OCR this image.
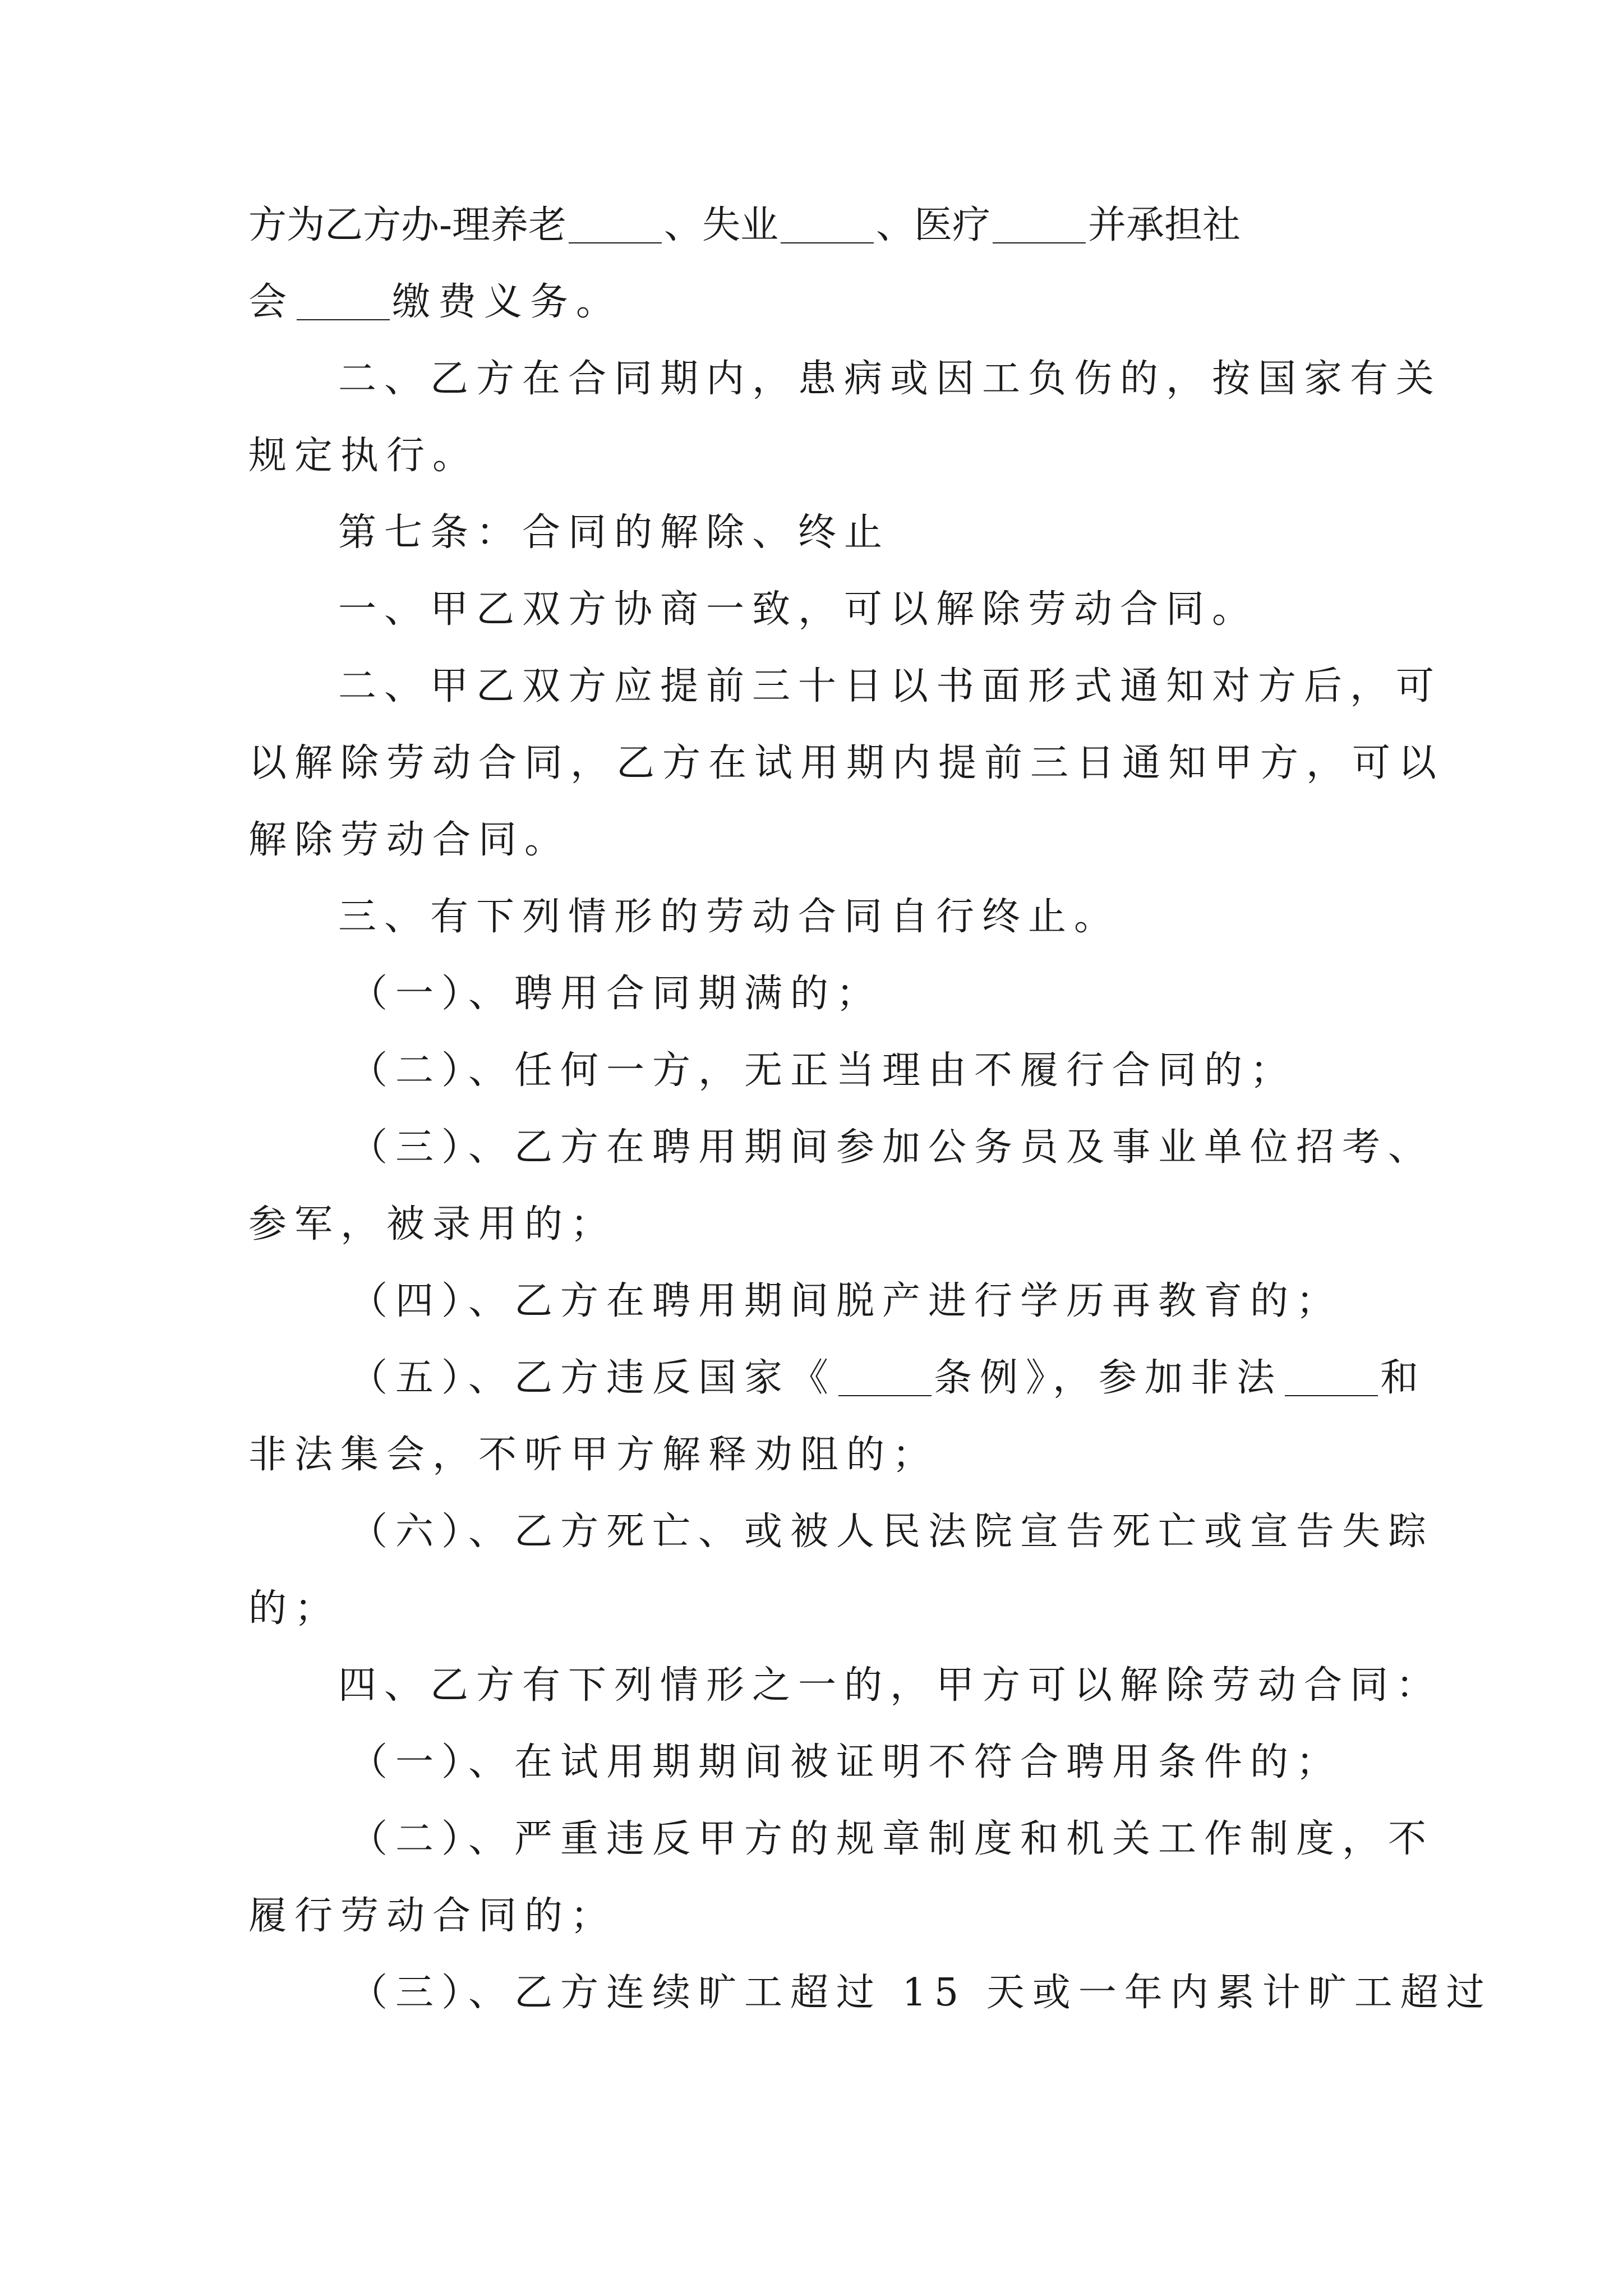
方为乙方办-理养老	、失业	、医疗	并承担社
会	缴费义务。
二、乙方在合同期内，患病或因工负伤的，按国家有关
规定执行。
第七条：合同的解除、终止
一、甲乙双方协商一致，可以解除劳动合同。
二、甲乙双方应提前三十日以书面形式通知对方后，可
以解除劳动合同，乙方在试用期内提前三日通知甲方，可以
解除劳动合同。
三、有下列情形的劳动合同自行终止。
（一）、聘用合同期满的；
（二）、任何一方，无正当理由不履行合同的；
（三）、乙方在聘用期间参加公务员及事业单位招考、
参军，被录用的；
（四）、乙方在聘用期间脱产进行学历再教育的；
（五）、乙方违反国家《	条例》，参加非法	和
非法集会，不听甲方解释劝阻的；
（六）、乙方死亡、或被人民法院宣告死亡或宣告失踪
的；
四、乙方有下列情形之一的，甲方可以解除劳动合同：
（一）、在试用期期间被证明不符合聘用条件的；
（二）、严重违反甲方的规章制度和机关工作制度，不
履行劳动合同的；
（三）、乙方连续旷工超过 15 天或一年内累计旷工超过
